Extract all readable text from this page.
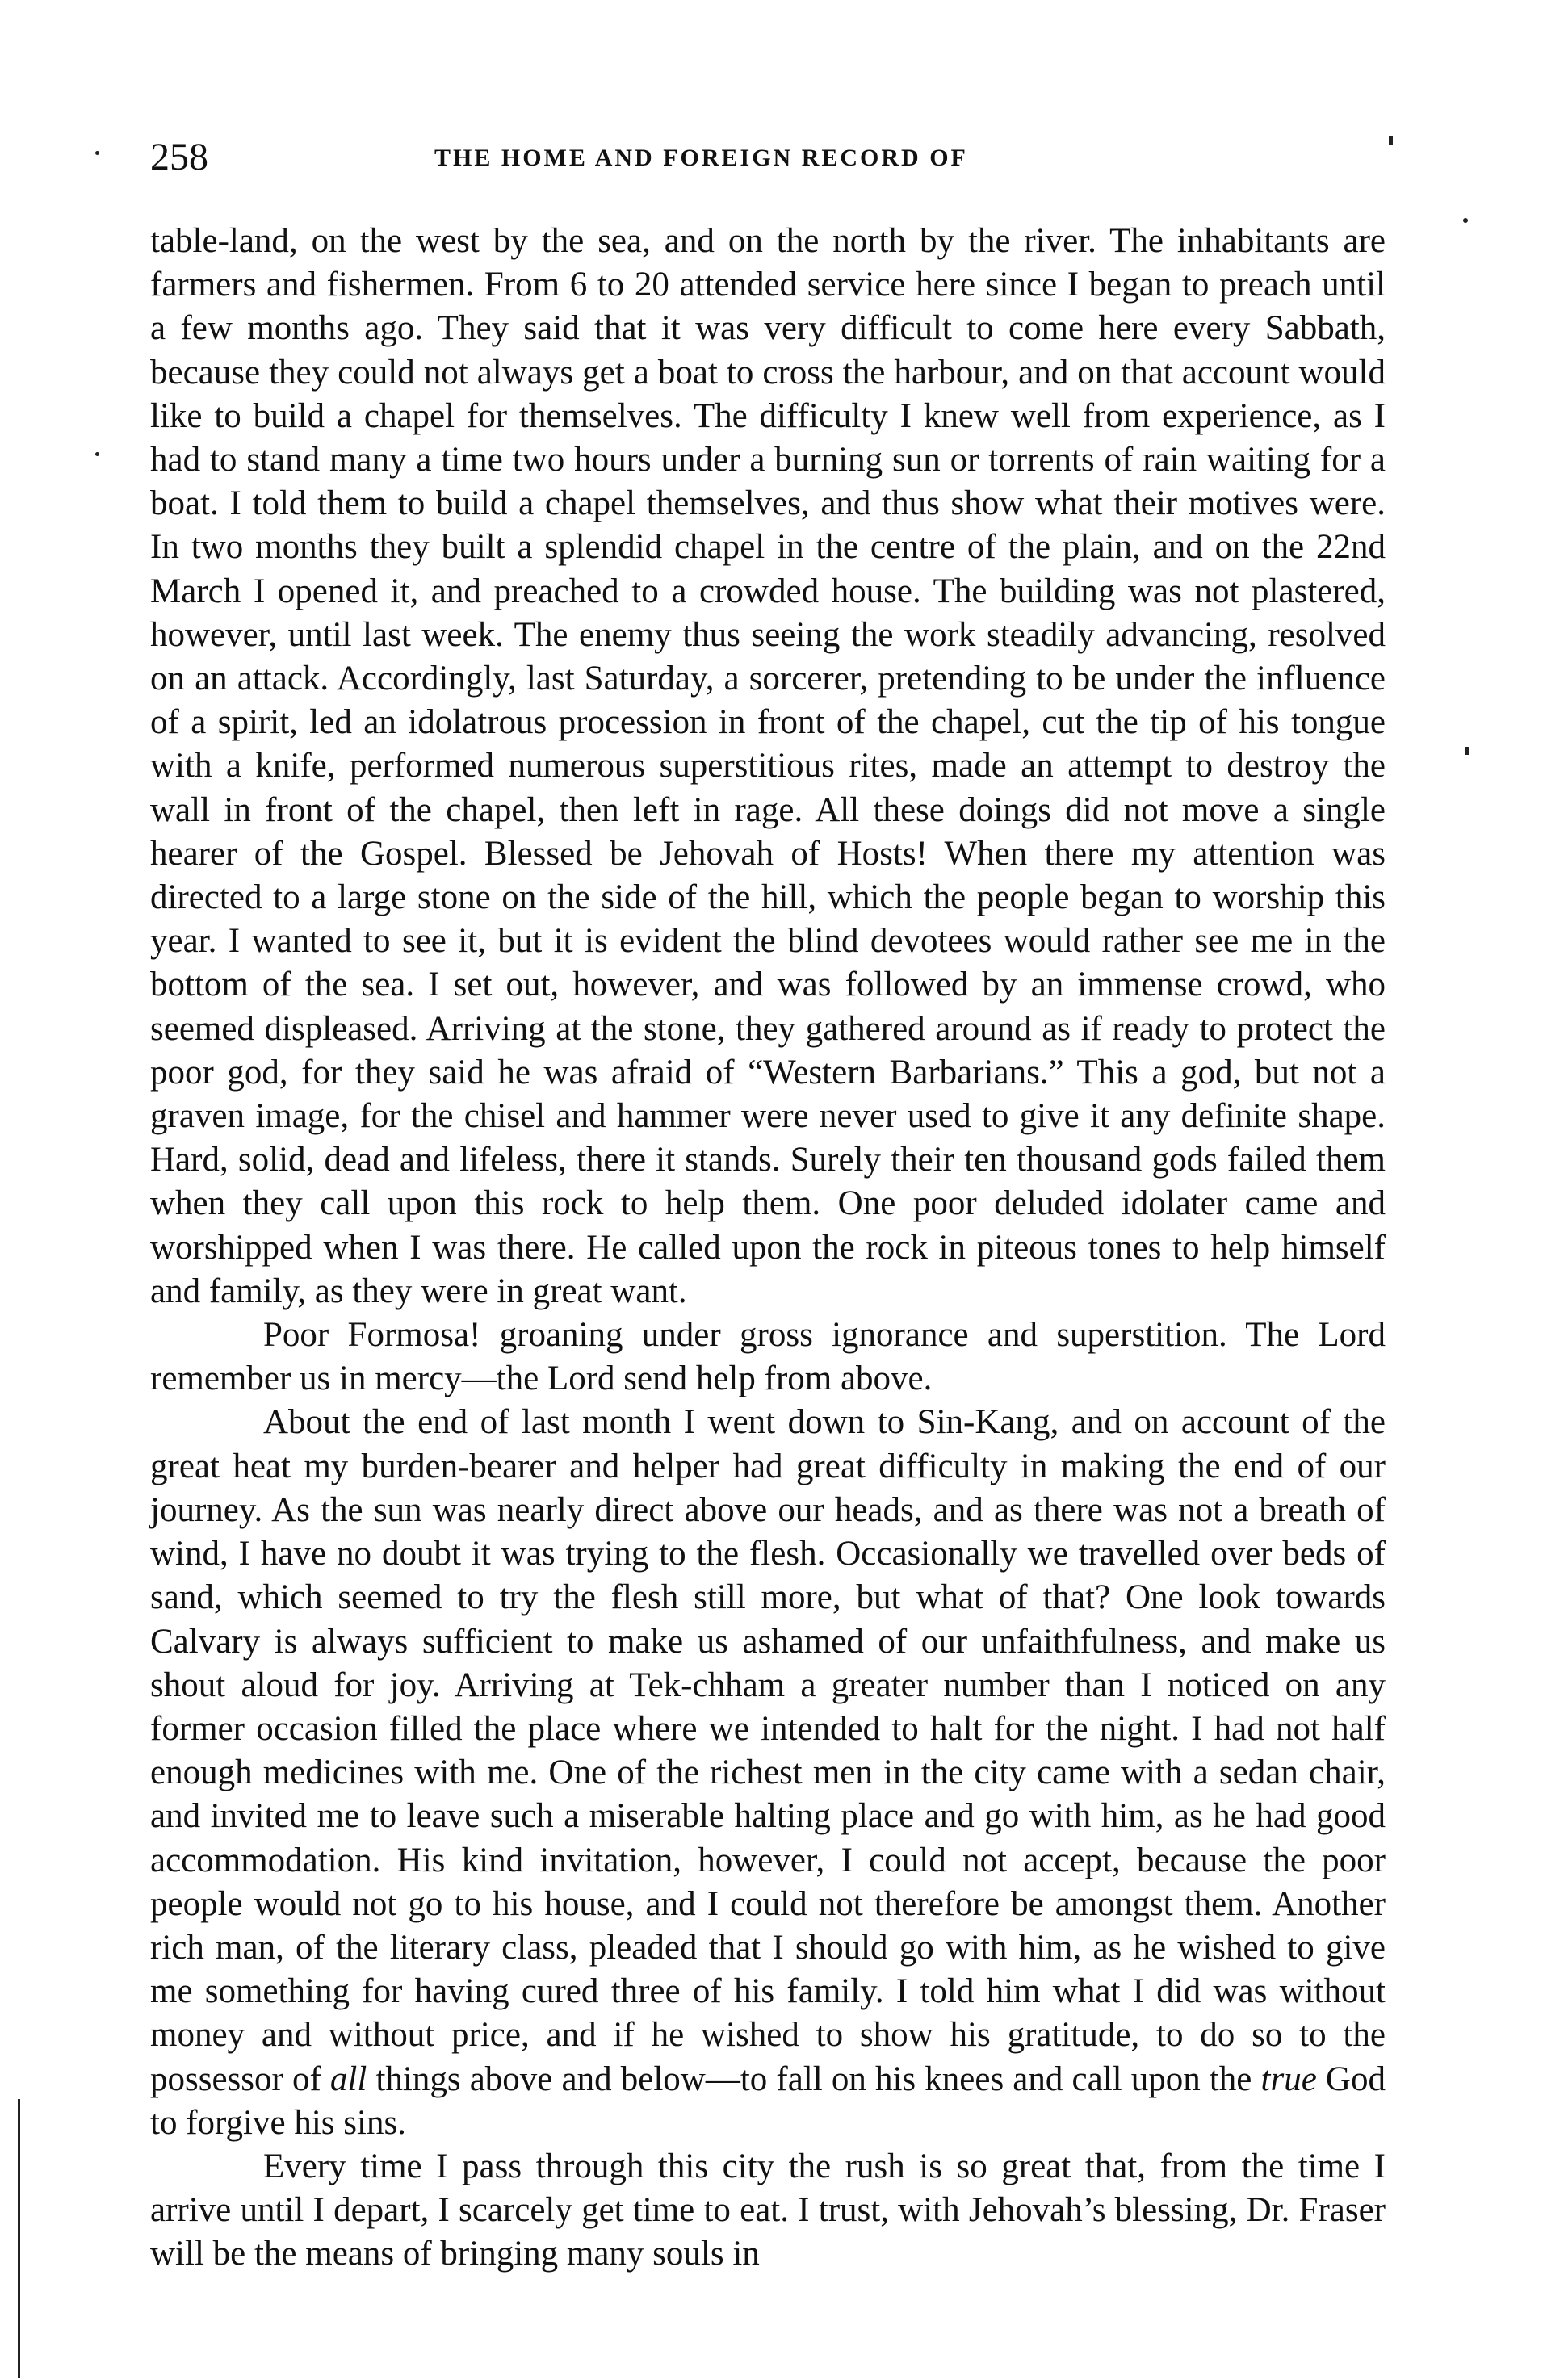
258	THE HOME AND FOREIGN RECORD OF

table-land, on the west by the sea, and on the north by the river. The inhabitants are farmers and fishermen. From 6 to 20 attended service here since I began to preach until a few months ago. They said that it was very difficult to come here every Sabbath, because they could not always get a boat to cross the harbour, and on that account would like to build a chapel for themselves. The difficulty I knew well from experience, as I had to stand many a time two hours under a burning sun or torrents of rain waiting for a boat. I told them to build a chapel themselves, and thus show what their motives were. In two months they built a splendid chapel in the centre of the plain, and on the 22nd March I opened it, and preached to a crowded house. The building was not plastered, however, until last week. The enemy thus seeing the work steadily advancing, resolved on an attack. Accordingly, last Saturday, a sorcerer, pretending to be under the influence of a spirit, led an idolatrous procession in front of the chapel, cut the tip of his tongue with a knife, performed numerous superstitious rites, made an attempt to destroy the wall in front of the chapel, then left in rage. All these doings did not move a single hearer of the Gospel. Blessed be Jehovah of Hosts! When there my attention was directed to a large stone on the side of the hill, which the people began to worship this year. I wanted to see it, but it is evident the blind devotees would rather see me in the bottom of the sea. I set out, however, and was followed by an immense crowd, who seemed displeased. Arriving at the stone, they gathered around as if ready to protect the poor god, for they said he was afraid of “Western Barbarians.” This a god, but not a graven image, for the chisel and hammer were never used to give it any definite shape. Hard, solid, dead and lifeless, there it stands. Surely their ten thousand gods failed them when they call upon this rock to help them. One poor deluded idolater came and worshipped when I was there. He called upon the rock in piteous tones to help himself and family, as they were in great want.

Poor Formosa! groaning under gross ignorance and superstition. The Lord remember us in mercy—the Lord send help from above.

About the end of last month I went down to Sin-Kang, and on account of the great heat my burden-bearer and helper had great difficulty in making the end of our journey. As the sun was nearly direct above our heads, and as there was not a breath of wind, I have no doubt it was trying to the flesh. Occasionally we travelled over beds of sand, which seemed to try the flesh still more, but what of that? One look towards Calvary is always sufficient to make us ashamed of our unfaithfulness, and make us shout aloud for joy. Arriving at Tek-chham a greater number than I noticed on any former occasion filled the place where we intended to halt for the night. I had not half enough medicines with me. One of the richest men in the city came with a sedan chair, and invited me to leave such a miserable halting place and go with him, as he had good accommodation. His kind invitation, however, I could not accept, because the poor people would not go to his house, and I could not therefore be amongst them. Another rich man, of the literary class, pleaded that I should go with him, as he wished to give me something for having cured three of his family. I told him what I did was without money and without price, and if he wished to show his gratitude, to do so to the possessor of all things above and below—to fall on his knees and call upon the true God to forgive his sins.

Every time I pass through this city the rush is so great that, from the time I arrive until I depart, I scarcely get time to eat. I trust, with Jehovah’s blessing, Dr. Fraser will be the means of bringing many souls in
